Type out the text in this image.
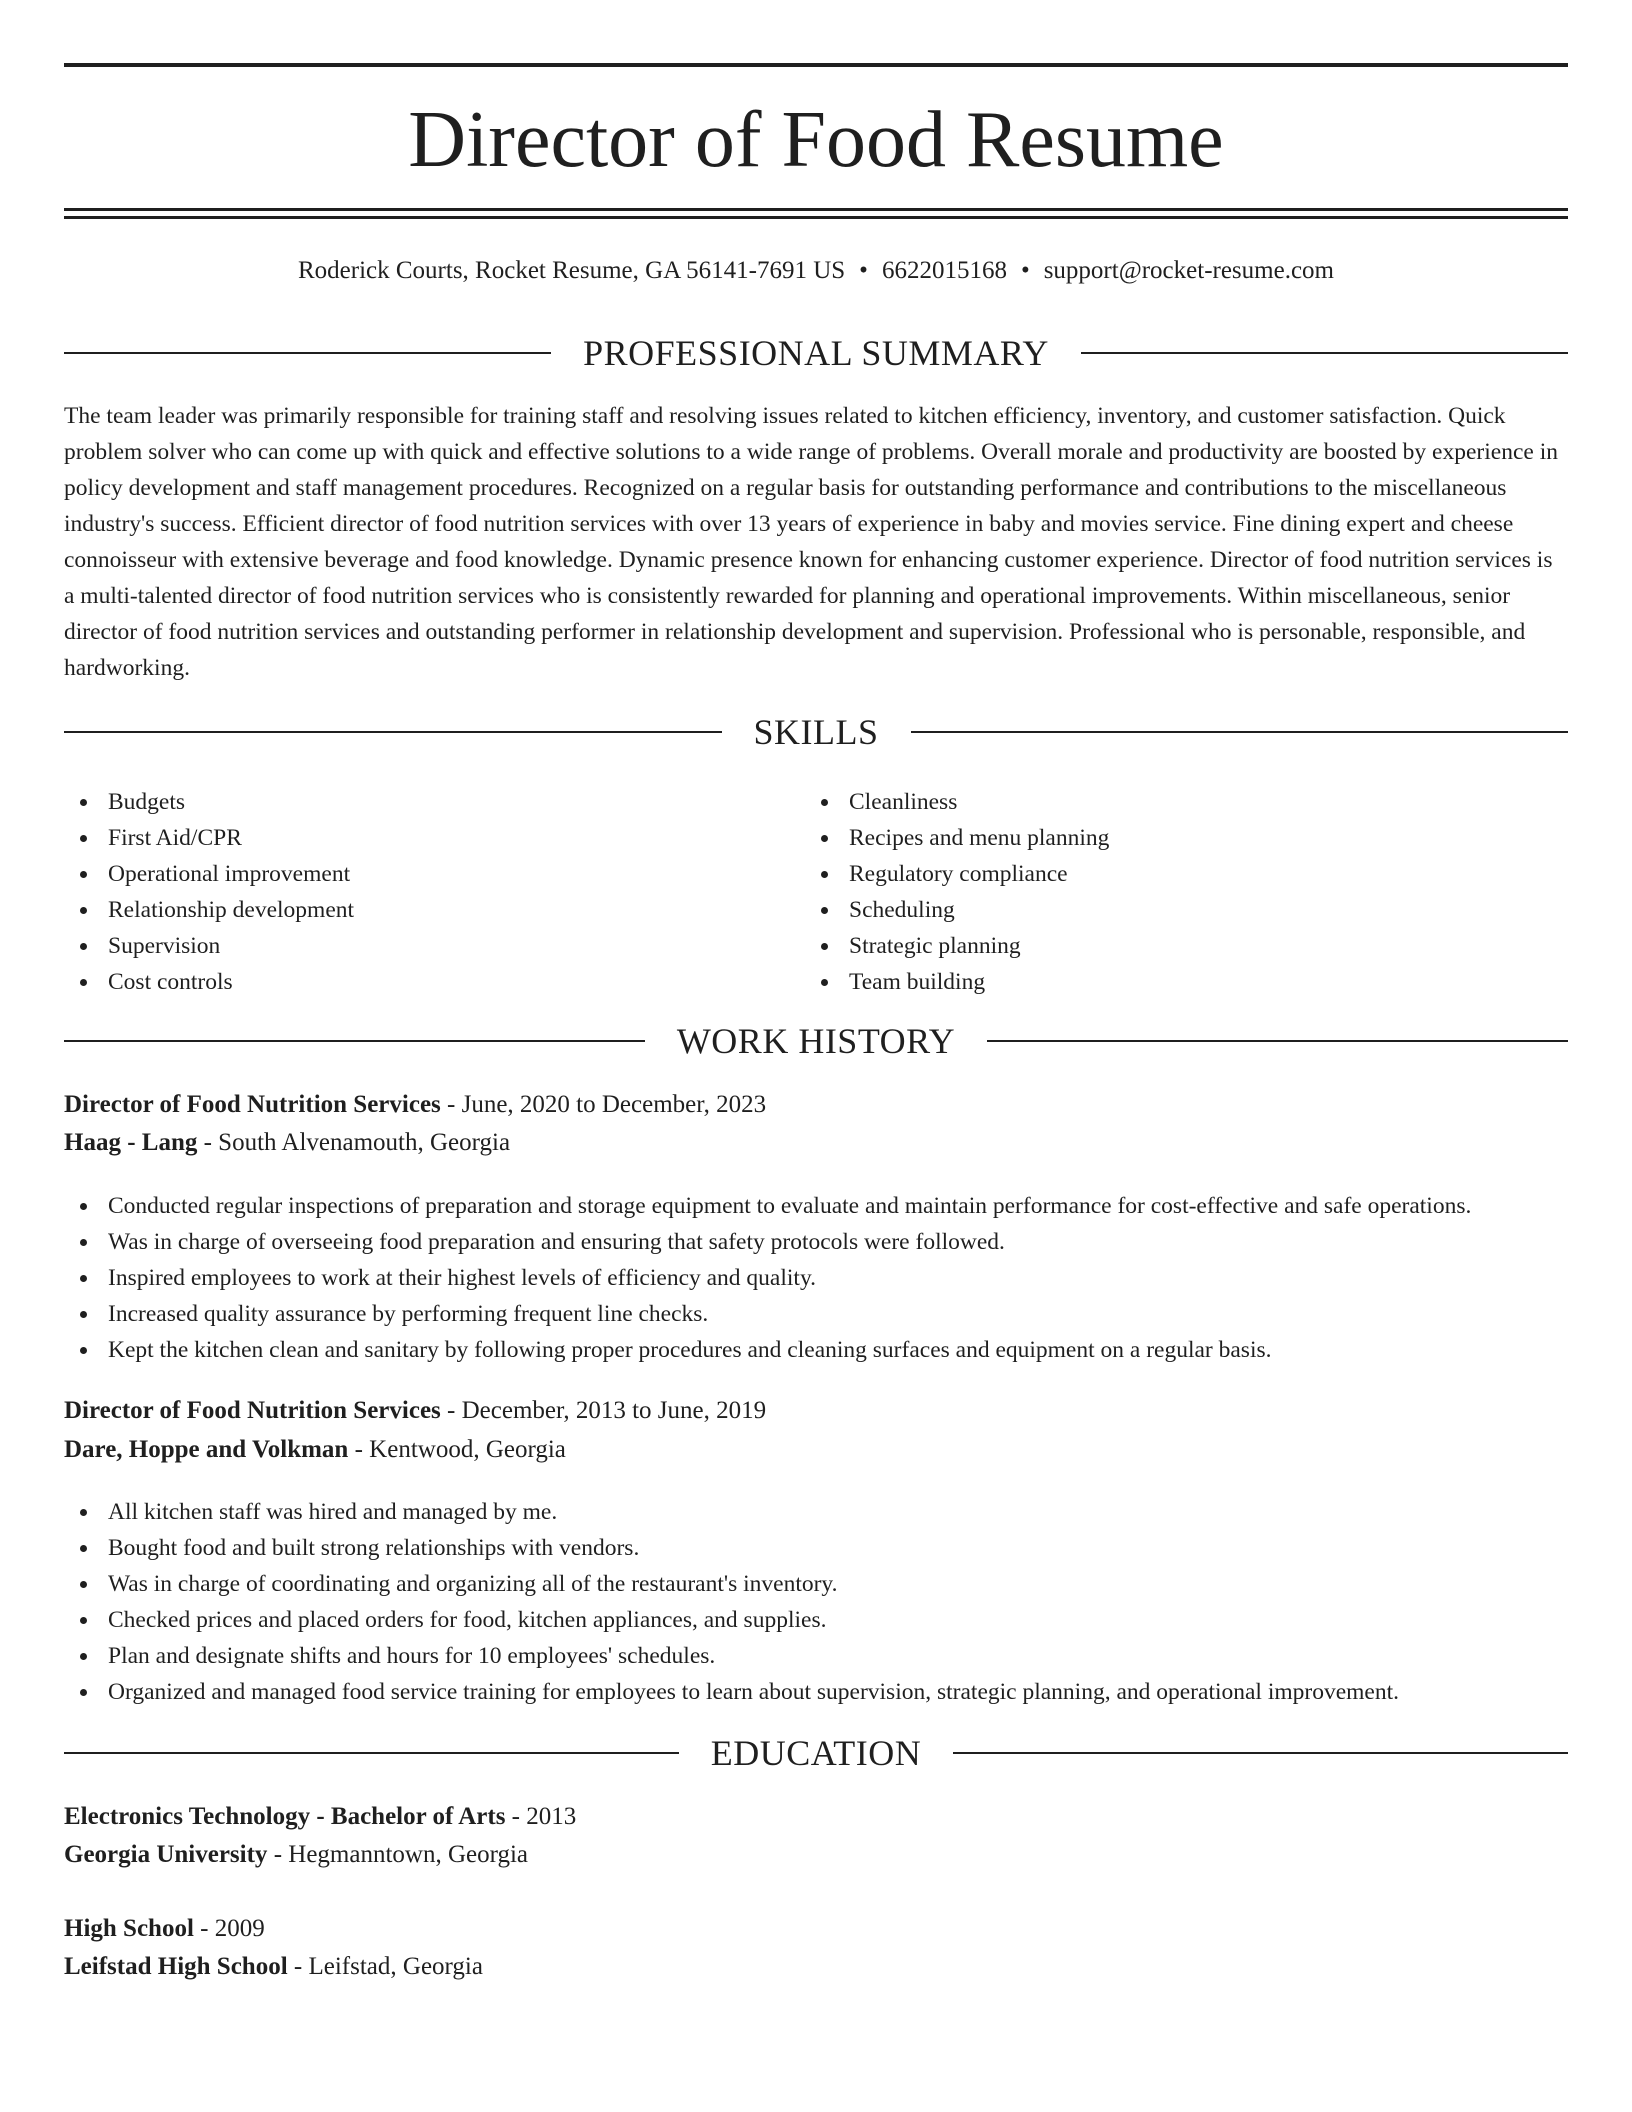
Director of Food Resume
Roderick Courts, Rocket Resume, GA 56141-7691 US • 6622015168 • support@rocket-resume.com
PROFESSIONAL SUMMARY

The team leader was primarily responsible for training staff and resolving issues related to kitchen efficiency, inventory, and customer satisfaction. Quick problem solver who can come up with quick and effective solutions to a wide range of problems. Overall morale and productivity are boosted by experience in policy development and staff management procedures. Recognized on a regular basis for outstanding performance and contributions to the miscellaneous industry's success. Efficient director of food nutrition services with over 13 years of experience in baby and movies service. Fine dining expert and cheese connoisseur with extensive beverage and food knowledge. Dynamic presence known for enhancing customer experience. Director of food nutrition services is a multi-talented director of food nutrition services who is consistently rewarded for planning and operational improvements. Within miscellaneous, senior director of food nutrition services and outstanding performer in relationship development and supervision. Professional who is personable, responsible, and hardworking.

SKILLS
Budgets
First Aid/CPR
Operational improvement
Relationship development
Supervision
Cost controls
Cleanliness
Recipes and menu planning
Regulatory compliance
Scheduling
Strategic planning
Team building
WORK HISTORY
Director of Food Nutrition Services - June, 2020 to December, 2023
Haag - Lang - South Alvenamouth, Georgia
Conducted regular inspections of preparation and storage equipment to evaluate and maintain performance for cost-effective and safe operations.
Was in charge of overseeing food preparation and ensuring that safety protocols were followed.
Inspired employees to work at their highest levels of efficiency and quality.
Increased quality assurance by performing frequent line checks.
Kept the kitchen clean and sanitary by following proper procedures and cleaning surfaces and equipment on a regular basis.
Director of Food Nutrition Services - December, 2013 to June, 2019
Dare, Hoppe and Volkman - Kentwood, Georgia
All kitchen staff was hired and managed by me.
Bought food and built strong relationships with vendors.
Was in charge of coordinating and organizing all of the restaurant's inventory.
Checked prices and placed orders for food, kitchen appliances, and supplies.
Plan and designate shifts and hours for 10 employees' schedules.
Organized and managed food service training for employees to learn about supervision, strategic planning, and operational improvement.
EDUCATION
Electronics Technology - Bachelor of Arts - 2013
Georgia University - Hegmanntown, Georgia
High School - 2009
Leifstad High School - Leifstad, Georgia
